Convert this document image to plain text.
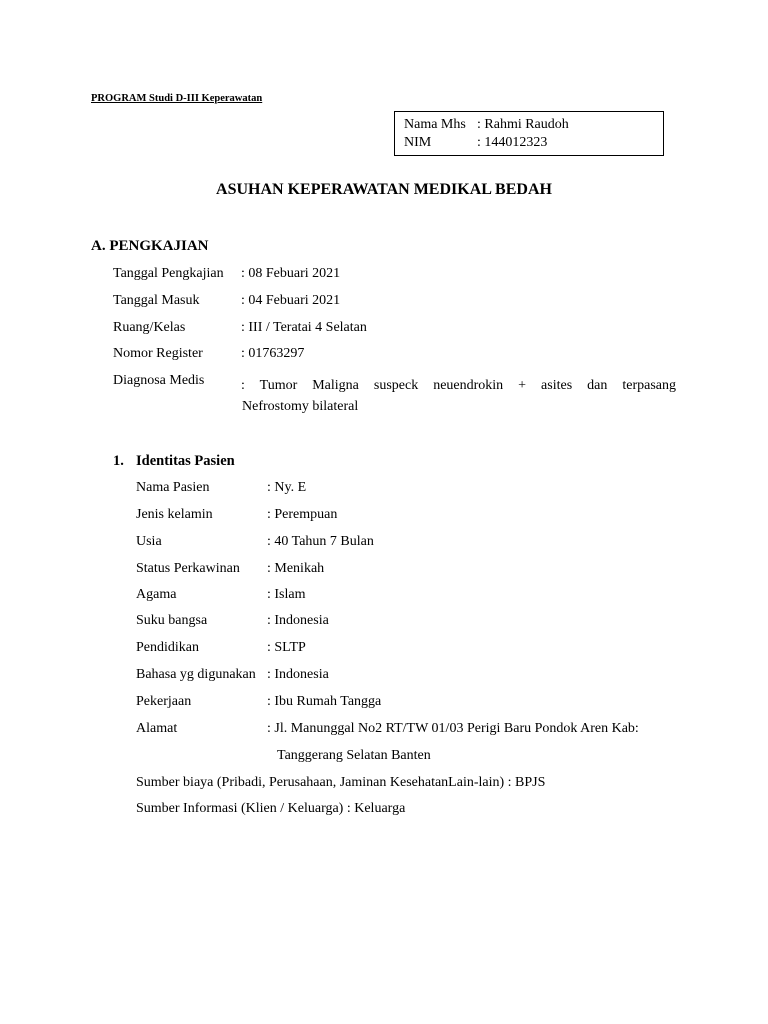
PROGRAM Studi D-III Keperawatan
Nama Mhs : Rahmi Raudoh
NIM	: 144012323
ASUHAN KEPERAWATAN MEDIKAL BEDAH
A. PENGKAJIAN
Tanggal Pengkajian : 08 Febuari 2021
Tanggal Masuk	: 04 Febuari 2021
Ruang/Kelas	: III / Teratai 4 Selatan
Nomor Register	: 01763297
Diagnosa Medis	: Tumor Maligna suspeck neuendrokin + asites dan terpasang
Nefrostomy bilateral
1. Identitas Pasien
Nama Pasien	: Ny. E
Jenis kelamin	: Perempuan
Usia	: 40 Tahun 7 Bulan
Status Perkawinan : Menikah
Agama	: Islam
Suku bangsa	: Indonesia
Pendidikan	: SLTP
Bahasa yg digunakan : Indonesia
Pekerjaan	: Ibu Rumah Tangga
Alamat	: Jl. Manunggal No2 RT/TW 01/03 Perigi Baru Pondok Aren Kab:
Tanggerang Selatan Banten
Sumber biaya (Pribadi, Perusahaan, Jaminan KesehatanLain-lain) : BPJS
Sumber Informasi (Klien / Keluarga) : Keluarga
